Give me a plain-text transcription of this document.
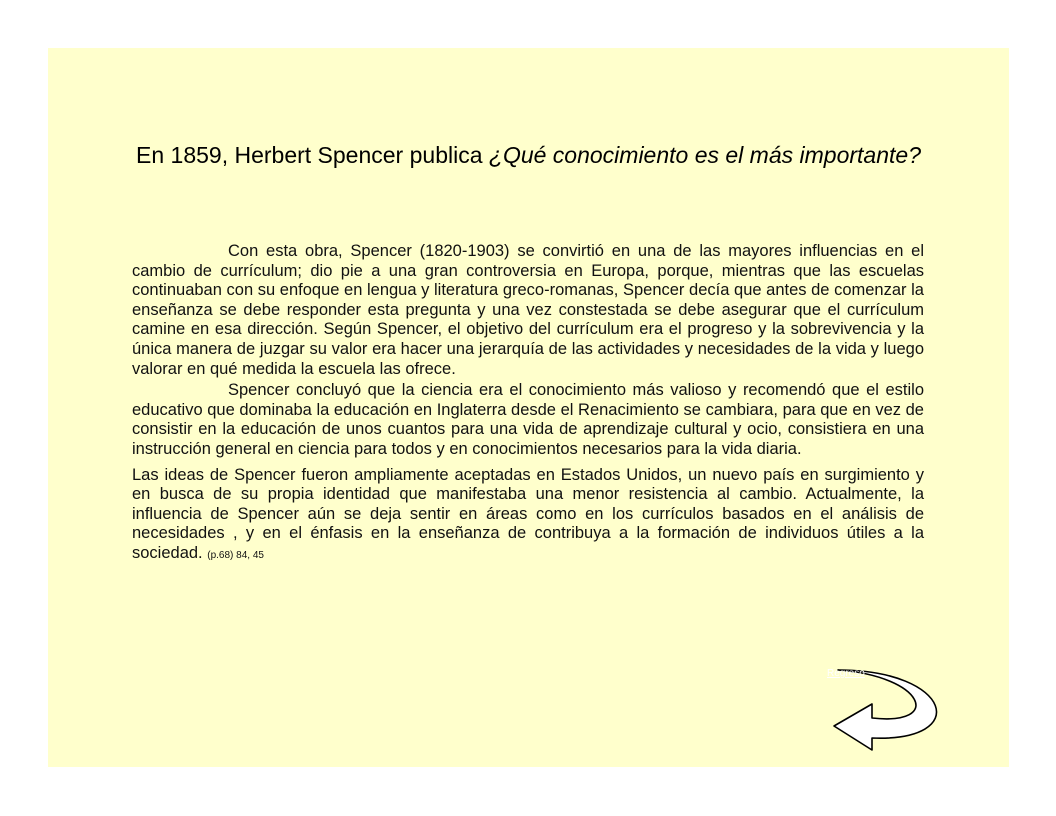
En 1859, Herbert Spencer publica ¿Qué conocimiento es el más importante?

Con esta obra, Spencer (1820-1903) se convirtió en una de las mayores influencias en el cambio de currículum; dio pie a una gran controversia en Europa, porque, mientras que las escuelas continuaban con su enfoque en lengua y literatura greco-romanas, Spencer decía que antes de comenzar la enseñanza se debe responder esta pregunta y una vez constestada se debe asegurar que el currículum camine en esa dirección. Según Spencer, el objetivo del currículum era el progreso y la sobrevivencia y la única manera de juzgar su valor era hacer una jerarquía de las actividades y necesidades de la vida y luego valorar en qué medida la escuela las ofrece.

Spencer concluyó que la ciencia era el conocimiento más valioso y recomendó que el estilo educativo que dominaba la educación en Inglaterra desde el Renacimiento se cambiara, para que en vez de consistir en la educación de unos cuantos para una vida de aprendizaje cultural y ocio, consistiera en una instrucción general en ciencia para todos y en conocimientos necesarios para la vida diaria.

Las ideas de Spencer fueron ampliamente aceptadas en Estados Unidos, un nuevo país en surgimiento y en busca de su propia identidad que manifestaba una menor resistencia al cambio. Actualmente, la influencia de Spencer aún se deja sentir en áreas como en los currículos basados en el análisis de necesidades , y en el énfasis en la enseñanza de contribuya a la formación de individuos útiles a la sociedad. (p.68) 84, 45

Regreso
